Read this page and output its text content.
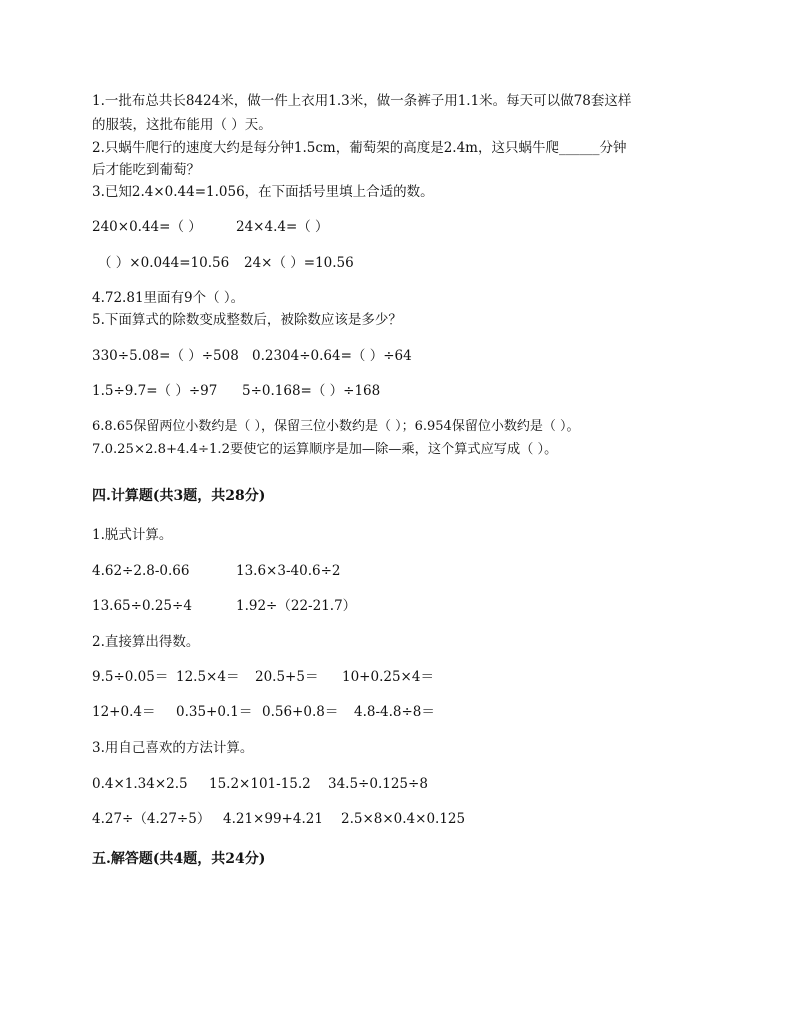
1.一批布总共长8424米，做一件上衣用1.3米，做一条裤子用1.1米。每天可以做78套这样
的服装，这批布能用（ ）天。
2.只蜗牛爬行的速度大约是每分钟1.5cm，葡萄架的高度是2.4m，这只蜗牛爬______分钟
后才能吃到葡萄？
3.已知2.4×0.44=1.056，在下面括号里填上合适的数。
240×0.44=（ ）	24×4.4=（ ）
（ ）×0.044=10.56 24×（ ）=10.56
4.72.81里面有9个（ ）。
5.下面算式的除数变成整数后，被除数应该是多少？
330÷5.08=（ ）÷508 0.2304÷0.64=（ ）÷64
1.5÷9.7=（ ）÷97 5÷0.168=（ ）÷168
6.8.65保留两位小数约是（ ），保留三位小数约是（ ）；6.954保留位小数约是（ ）。
7.0.25×2.8+4.4÷1.2要使它的运算顺序是加—除—乘，这个算式应写成（ ）。
四.计算题(共3题，共28分)
1.脱式计算。
4.62÷2.8-0.66	13.6×3-40.6÷2
13.65÷0.25÷4	1.92÷（22-21.7）
2.直接算出得数。
9.5÷0.05＝ 12.5×4＝ 20.5+5＝ 10+0.25×4＝
12+0.4＝ 0.35+0.1＝ 0.56+0.8＝ 4.8-4.8÷8＝
3.用自己喜欢的方法计算。
0.4×1.34×2.5 15.2×101-15.2 34.5÷0.125÷8
4.27÷（4.27÷5） 4.21×99+4.21 2.5×8×0.4×0.125
五.解答题(共4题，共24分)
